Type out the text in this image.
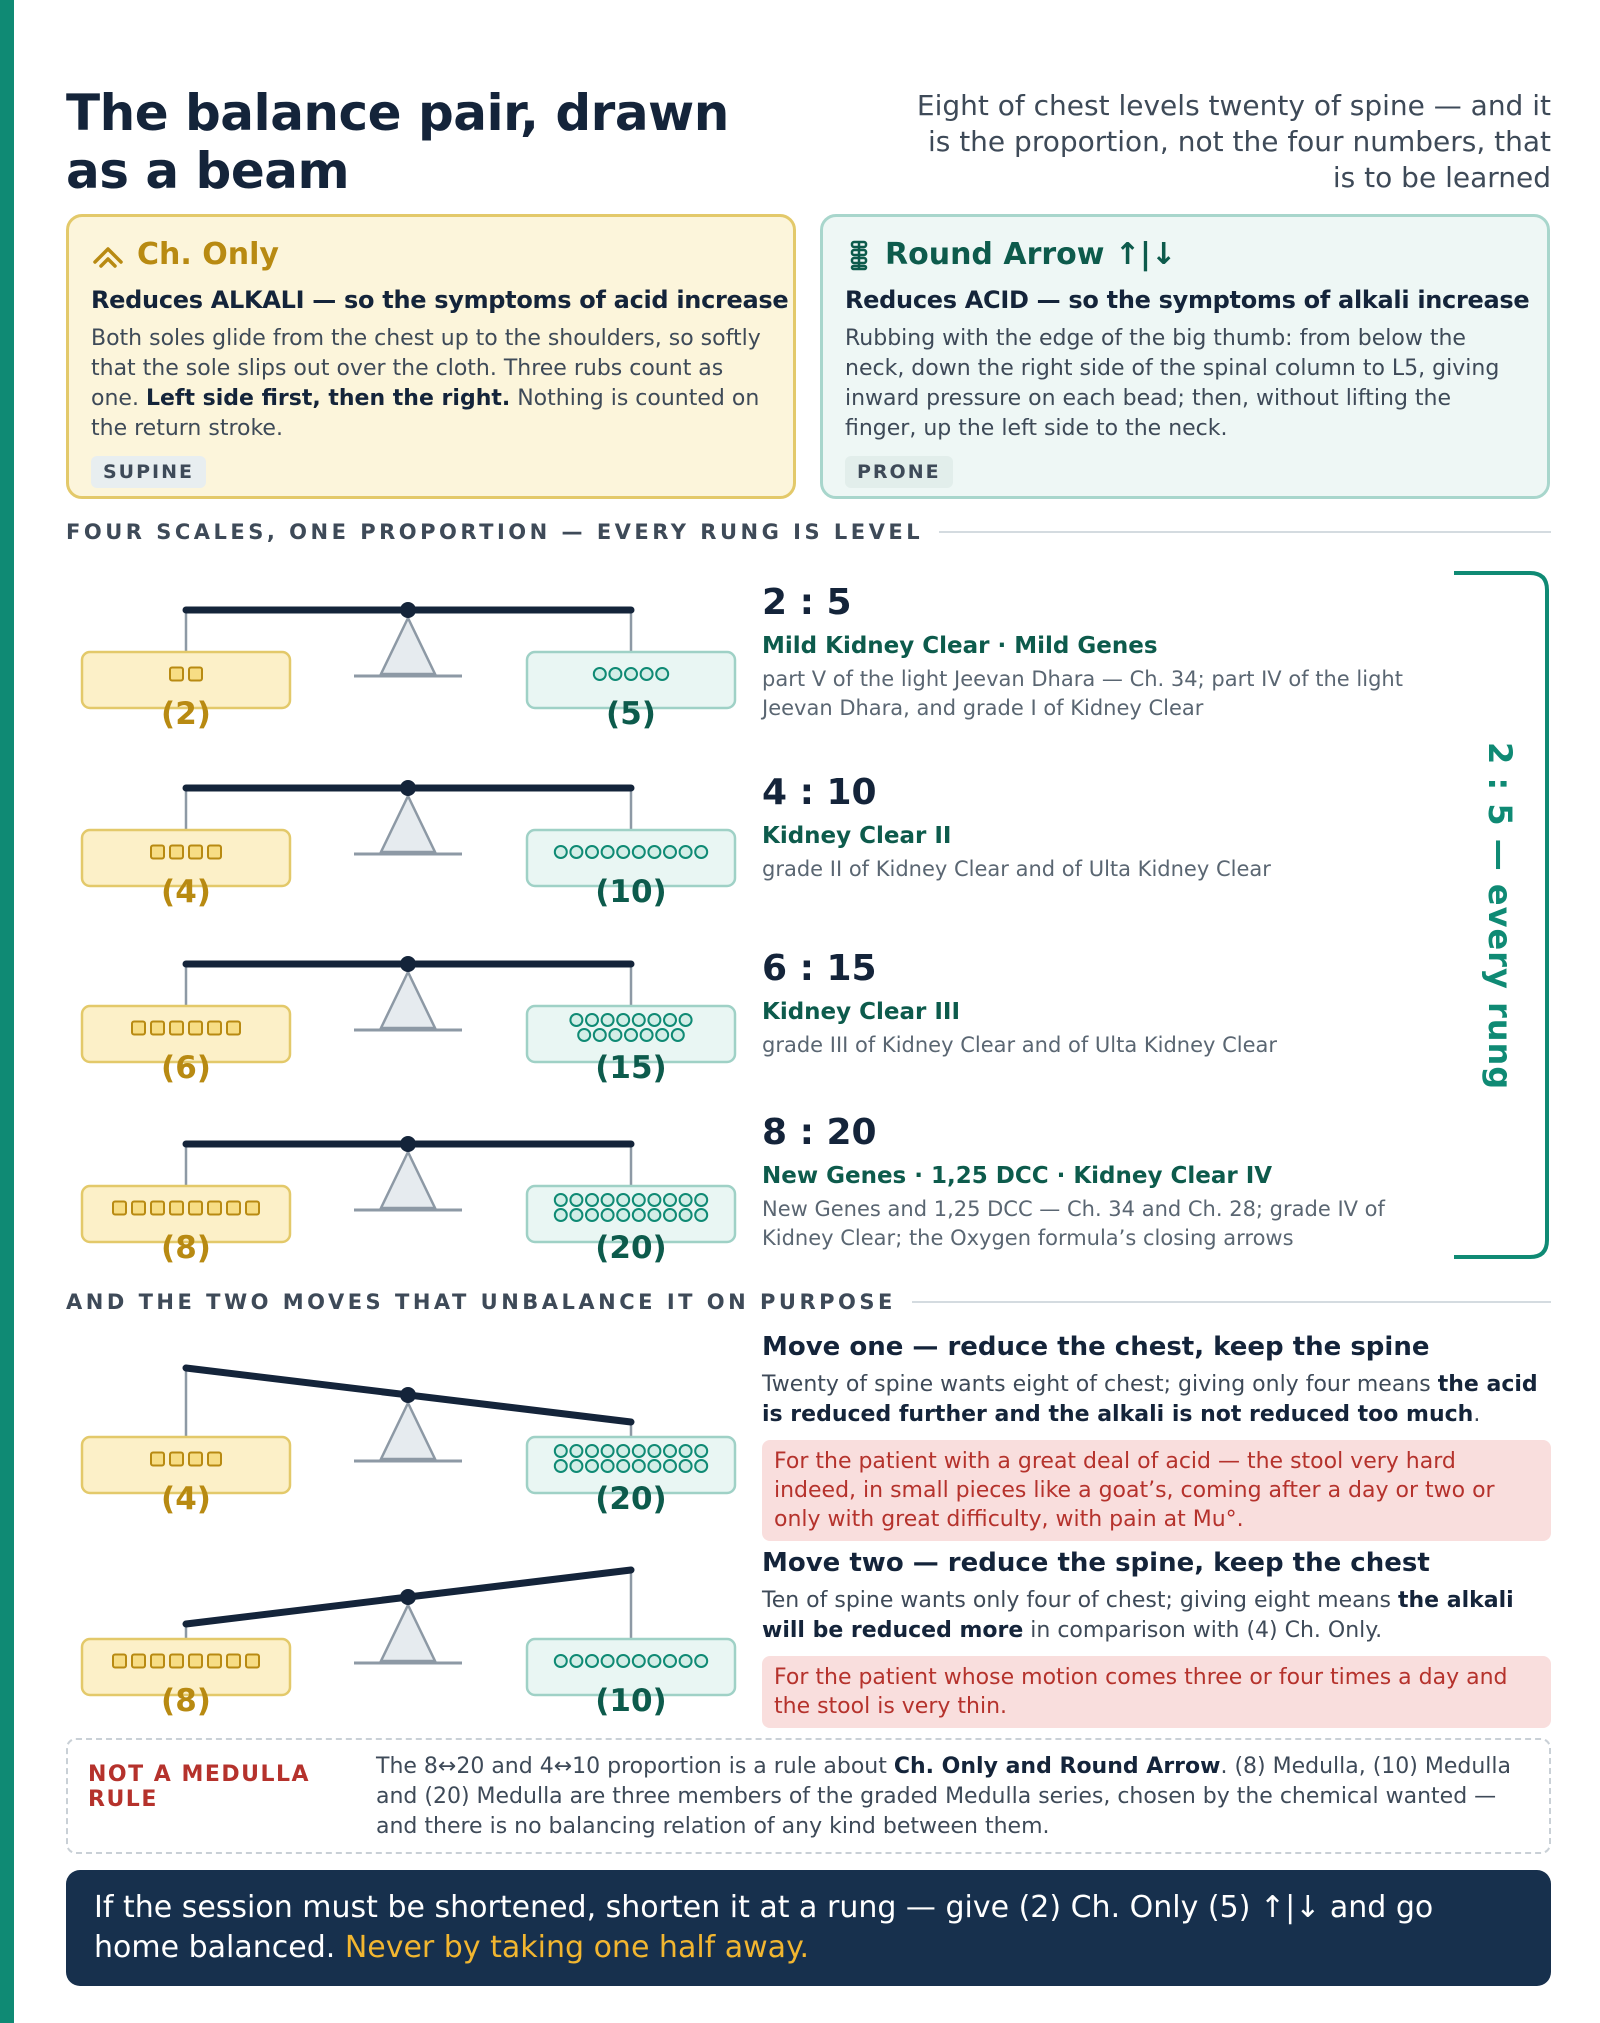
The balance pair, drawn as a beam

Eight of chest levels twenty of spine — and it is the proportion, not the four numbers, that is to be learned

Ch. Only
Reduces ALKALI — so the symptoms of acid increase
Both soles glide from the chest up to the shoulders, so softly that the sole slips out over the cloth. Three rubs count as one. Left side first, then the right. Nothing is counted on the return stroke.
SUPINE
Round Arrow ↑|↓
Reduces ACID — so the symptoms of alkali increase
Rubbing with the edge of the big thumb: from below the neck, down the right side of the spinal column to L5, giving inward pressure on each bead; then, without lifting the finger, up the left side to the neck.
PRONE
FOUR SCALES, ONE PROPORTION — EVERY RUNG IS LEVEL
(2)	(5)
(4)	(10)
(6)	(15)
(8)	(20)
(4)	(20)
(8)	(10)
2 : 5
Mild Kidney Clear · Mild Genes
part V of the light Jeevan Dhara — Ch. 34; part IV of the light Jeevan Dhara, and grade I of Kidney Clear
4 : 10
Kidney Clear II
grade II of Kidney Clear and of Ulta Kidney Clear
6 : 15
Kidney Clear III
grade III of Kidney Clear and of Ulta Kidney Clear
8 : 20
New Genes · 1,25 DCC · Kidney Clear IV
New Genes and 1,25 DCC — Ch. 34 and Ch. 28; grade IV of Kidney Clear; the Oxygen formula’s closing arrows
2 : 5 — every rung
AND THE TWO MOVES THAT UNBALANCE IT ON PURPOSE
Move one — reduce the chest, keep the spine
Twenty of spine wants eight of chest; giving only four means the acid is reduced further and the alkali is not reduced too much.
For the patient with a great deal of acid — the stool very hard indeed, in small pieces like a goat’s, coming after a day or two or only with great difficulty, with pain at Mu°.
Move two — reduce the spine, keep the chest
Ten of spine wants only four of chest; giving eight means the alkali will be reduced more in comparison with (4) Ch. Only.
For the patient whose motion comes three or four times a day and the stool is very thin.
NOT A MEDULLA RULE
The 8↔20 and 4↔10 proportion is a rule about Ch. Only and Round Arrow. (8) Medulla, (10) Medulla and (20) Medulla are three members of the graded Medulla series, chosen by the chemical wanted — and there is no balancing relation of any kind between them.
If the session must be shortened, shorten it at a rung — give (2) Ch. Only (5) ↑|↓ and go home balanced. Never by taking one half away.
